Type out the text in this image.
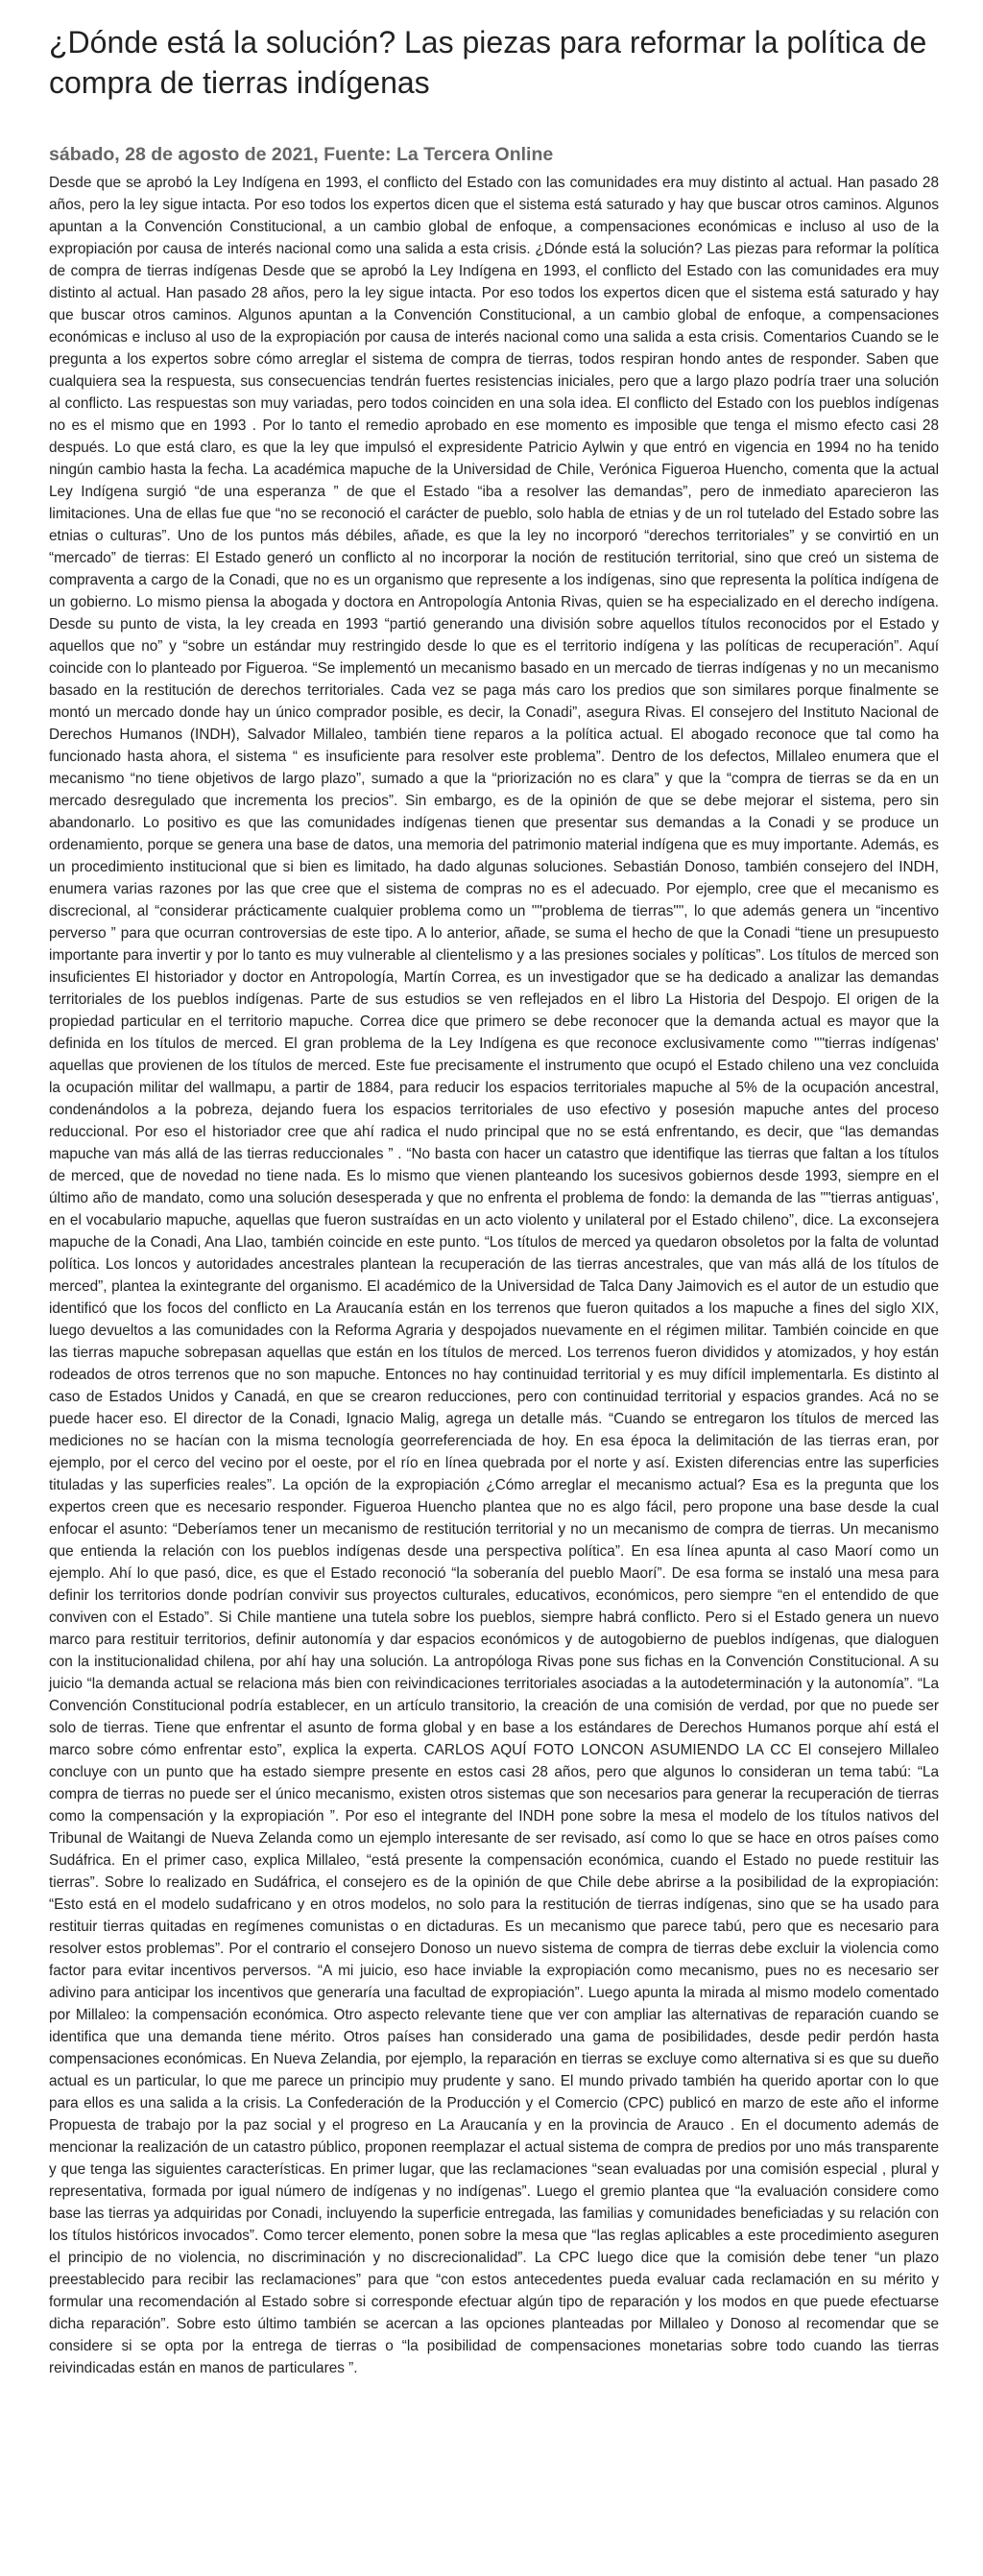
¿Dónde está la solución? Las piezas para reformar la política de compra de tierras indígenas
sábado, 28 de agosto de 2021, Fuente: La Tercera Online
Desde que se aprobó la Ley Indígena en 1993, el conflicto del Estado con las comunidades era muy distinto al actual. Han pasado 28 años, pero la ley sigue intacta. Por eso todos los expertos dicen que el sistema está saturado y hay que buscar otros caminos. Algunos apuntan a la Convención Constitucional, a un cambio global de enfoque, a compensaciones económicas e incluso al uso de la expropiación por causa de interés nacional como una salida a esta crisis. ¿Dónde está la solución? Las piezas para reformar la política de compra de tierras indígenas Desde que se aprobó la Ley Indígena en 1993, el conflicto del Estado con las comunidades era muy distinto al actual. Han pasado 28 años, pero la ley sigue intacta. Por eso todos los expertos dicen que el sistema está saturado y hay que buscar otros caminos. Algunos apuntan a la Convención Constitucional, a un cambio global de enfoque, a compensaciones económicas e incluso al uso de la expropiación por causa de interés nacional como una salida a esta crisis. Comentarios Cuando se le pregunta a los expertos sobre cómo arreglar el sistema de compra de tierras, todos respiran hondo antes de responder. Saben que cualquiera sea la respuesta, sus consecuencias tendrán fuertes resistencias iniciales, pero que a largo plazo podría traer una solución al conflicto. Las respuestas son muy variadas, pero todos coinciden en una sola idea. El conflicto del Estado con los pueblos indígenas no es el mismo que en 1993 . Por lo tanto el remedio aprobado en ese momento es imposible que tenga el mismo efecto casi 28 después. Lo que está claro, es que la ley que impulsó el expresidente Patricio Aylwin y que entró en vigencia en 1994 no ha tenido ningún cambio hasta la fecha. La académica mapuche de la Universidad de Chile, Verónica Figueroa Huencho, comenta que la actual Ley Indígena surgió “de una esperanza ” de que el Estado “iba a resolver las demandas”, pero de inmediato aparecieron las limitaciones. Una de ellas fue que “no se reconoció el carácter de pueblo, solo habla de etnias y de un rol tutelado del Estado sobre las etnias o culturas”. Uno de los puntos más débiles, añade, es que la ley no incorporó “derechos territoriales” y se convirtió en un “mercado” de tierras: El Estado generó un conflicto al no incorporar la noción de restitución territorial, sino que creó un sistema de compraventa a cargo de la Conadi, que no es un organismo que represente a los indígenas, sino que representa la política indígena de un gobierno. Lo mismo piensa la abogada y doctora en Antropología Antonia Rivas, quien se ha especializado en el derecho indígena. Desde su punto de vista, la ley creada en 1993 “partió generando una división sobre aquellos títulos reconocidos por el Estado y aquellos que no” y “sobre un estándar muy restringido desde lo que es el territorio indígena y las políticas de recuperación”. Aquí coincide con lo planteado por Figueroa. “Se implementó un mecanismo basado en un mercado de tierras indígenas y no un mecanismo basado en la restitución de derechos territoriales. Cada vez se paga más caro los predios que son similares porque finalmente se montó un mercado donde hay un único comprador posible, es decir, la Conadi”, asegura Rivas. El consejero del Instituto Nacional de Derechos Humanos (INDH), Salvador Millaleo, también tiene reparos a la política actual. El abogado reconoce que tal como ha funcionado hasta ahora, el sistema “ es insuficiente para resolver este problema”. Dentro de los defectos, Millaleo enumera que el mecanismo “no tiene objetivos de largo plazo”, sumado a que la “priorización no es clara” y que la “compra de tierras se da en un mercado desregulado que incrementa los precios”. Sin embargo, es de la opinión de que se debe mejorar el sistema, pero sin abandonarlo. Lo positivo es que las comunidades indígenas tienen que presentar sus demandas a la Conadi y se produce un ordenamiento, porque se genera una base de datos, una memoria del patrimonio material indígena que es muy importante. Además, es un procedimiento institucional que si bien es limitado, ha dado algunas soluciones. Sebastián Donoso, también consejero del INDH, enumera varias razones por las que cree que el sistema de compras no es el adecuado. Por ejemplo, cree que el mecanismo es discrecional, al “considerar prácticamente cualquier problema como un ""problema de tierras"", lo que además genera un “incentivo perverso ” para que ocurran controversias de este tipo. A lo anterior, añade, se suma el hecho de que la Conadi “tiene un presupuesto importante para invertir y por lo tanto es muy vulnerable al clientelismo y a las presiones sociales y políticas”. Los títulos de merced son insuficientes El historiador y doctor en Antropología, Martín Correa, es un investigador que se ha dedicado a analizar las demandas territoriales de los pueblos indígenas. Parte de sus estudios se ven reflejados en el libro La Historia del Despojo. El origen de la propiedad particular en el territorio mapuche. Correa dice que primero se debe reconocer que la demanda actual es mayor que la definida en los títulos de merced. El gran problema de la Ley Indígena es que reconoce exclusivamente como ""tierras indígenas' aquellas que provienen de los títulos de merced. Este fue precisamente el instrumento que ocupó el Estado chileno una vez concluida la ocupación militar del wallmapu, a partir de 1884, para reducir los espacios territoriales mapuche al 5% de la ocupación ancestral, condenándolos a la pobreza, dejando fuera los espacios territoriales de uso efectivo y posesión mapuche antes del proceso reduccional. Por eso el historiador cree que ahí radica el nudo principal que no se está enfrentando, es decir, que “las demandas mapuche van más allá de las tierras reduccionales ” . “No basta con hacer un catastro que identifique las tierras que faltan a los títulos de merced, que de novedad no tiene nada. Es lo mismo que vienen planteando los sucesivos gobiernos desde 1993, siempre en el último año de mandato, como una solución desesperada y que no enfrenta el problema de fondo: la demanda de las ""tierras antiguas', en el vocabulario mapuche, aquellas que fueron sustraídas en un acto violento y unilateral por el Estado chileno”, dice. La exconsejera mapuche de la Conadi, Ana Llao, también coincide en este punto. “Los títulos de merced ya quedaron obsoletos por la falta de voluntad política. Los loncos y autoridades ancestrales plantean la recuperación de las tierras ancestrales, que van más allá de los títulos de merced”, plantea la exintegrante del organismo. El académico de la Universidad de Talca Dany Jaimovich es el autor de un estudio que identificó que los focos del conflicto en La Araucanía están en los terrenos que fueron quitados a los mapuche a fines del siglo XIX, luego devueltos a las comunidades con la Reforma Agraria y despojados nuevamente en el régimen militar. También coincide en que las tierras mapuche sobrepasan aquellas que están en los títulos de merced. Los terrenos fueron divididos y atomizados, y hoy están rodeados de otros terrenos que no son mapuche. Entonces no hay continuidad territorial y es muy difícil implementarla. Es distinto al caso de Estados Unidos y Canadá, en que se crearon reducciones, pero con continuidad territorial y espacios grandes. Acá no se puede hacer eso. El director de la Conadi, Ignacio Malig, agrega un detalle más. “Cuando se entregaron los títulos de merced las mediciones no se hacían con la misma tecnología georreferenciada de hoy. En esa época la delimitación de las tierras eran, por ejemplo, por el cerco del vecino por el oeste, por el río en línea quebrada por el norte y así. Existen diferencias entre las superficies tituladas y las superficies reales”. La opción de la expropiación ¿Cómo arreglar el mecanismo actual? Esa es la pregunta que los expertos creen que es necesario responder. Figueroa Huencho plantea que no es algo fácil, pero propone una base desde la cual enfocar el asunto: “Deberíamos tener un mecanismo de restitución territorial y no un mecanismo de compra de tierras. Un mecanismo que entienda la relación con los pueblos indígenas desde una perspectiva política”. En esa línea apunta al caso Maorí como un ejemplo. Ahí lo que pasó, dice, es que el Estado reconoció “la soberanía del pueblo Maorí”. De esa forma se instaló una mesa para definir los territorios donde podrían convivir sus proyectos culturales, educativos, económicos, pero siempre “en el entendido de que conviven con el Estado”. Si Chile mantiene una tutela sobre los pueblos, siempre habrá conflicto. Pero si el Estado genera un nuevo marco para restituir territorios, definir autonomía y dar espacios económicos y de autogobierno de pueblos indígenas, que dialoguen con la institucionalidad chilena, por ahí hay una solución. La antropóloga Rivas pone sus fichas en la Convención Constitucional. A su juicio “la demanda actual se relaciona más bien con reivindicaciones territoriales asociadas a la autodeterminación y la autonomía”. “La Convención Constitucional podría establecer, en un artículo transitorio, la creación de una comisión de verdad, por que no puede ser solo de tierras. Tiene que enfrentar el asunto de forma global y en base a los estándares de Derechos Humanos porque ahí está el marco sobre cómo enfrentar esto”, explica la experta. CARLOS AQUÍ FOTO LONCON ASUMIENDO LA CC El consejero Millaleo concluye con un punto que ha estado siempre presente en estos casi 28 años, pero que algunos lo consideran un tema tabú: “La compra de tierras no puede ser el único mecanismo, existen otros sistemas que son necesarios para generar la recuperación de tierras como la compensación y la expropiación ”. Por eso el integrante del INDH pone sobre la mesa el modelo de los títulos nativos del Tribunal de Waitangi de Nueva Zelanda como un ejemplo interesante de ser revisado, así como lo que se hace en otros países como Sudáfrica. En el primer caso, explica Millaleo, “está presente la compensación económica, cuando el Estado no puede restituir las tierras”. Sobre lo realizado en Sudáfrica, el consejero es de la opinión de que Chile debe abrirse a la posibilidad de la expropiación: “Esto está en el modelo sudafricano y en otros modelos, no solo para la restitución de tierras indígenas, sino que se ha usado para restituir tierras quitadas en regímenes comunistas o en dictaduras. Es un mecanismo que parece tabú, pero que es necesario para resolver estos problemas”. Por el contrario el consejero Donoso un nuevo sistema de compra de tierras debe excluir la violencia como factor para evitar incentivos perversos. “A mi juicio, eso hace inviable la expropiación como mecanismo, pues no es necesario ser adivino para anticipar los incentivos que generaría una facultad de expropiación”. Luego apunta la mirada al mismo modelo comentado por Millaleo: la compensación económica. Otro aspecto relevante tiene que ver con ampliar las alternativas de reparación cuando se identifica que una demanda tiene mérito. Otros países han considerado una gama de posibilidades, desde pedir perdón hasta compensaciones económicas. En Nueva Zelandia, por ejemplo, la reparación en tierras se excluye como alternativa si es que su dueño actual es un particular, lo que me parece un principio muy prudente y sano. El mundo privado también ha querido aportar con lo que para ellos es una salida a la crisis. La Confederación de la Producción y el Comercio (CPC) publicó en marzo de este año el informe Propuesta de trabajo por la paz social y el progreso en La Araucanía y en la provincia de Arauco . En el documento además de mencionar la realización de un catastro público, proponen reemplazar el actual sistema de compra de predios por uno más transparente y que tenga las siguientes características. En primer lugar, que las reclamaciones “sean evaluadas por una comisión especial , plural y representativa, formada por igual número de indígenas y no indígenas”. Luego el gremio plantea que “la evaluación considere como base las tierras ya adquiridas por Conadi, incluyendo la superficie entregada, las familias y comunidades beneficiadas y su relación con los títulos históricos invocados”. Como tercer elemento, ponen sobre la mesa que “las reglas aplicables a este procedimiento aseguren el principio de no violencia, no discriminación y no discrecionalidad”. La CPC luego dice que la comisión debe tener “un plazo preestablecido para recibir las reclamaciones” para que “con estos antecedentes pueda evaluar cada reclamación en su mérito y formular una recomendación al Estado sobre si corresponde efectuar algún tipo de reparación y los modos en que puede efectuarse dicha reparación”. Sobre esto último también se acercan a las opciones planteadas por Millaleo y Donoso al recomendar que se considere si se opta por la entrega de tierras o “la posibilidad de compensaciones monetarias sobre todo cuando las tierras reivindicadas están en manos de particulares ”.
